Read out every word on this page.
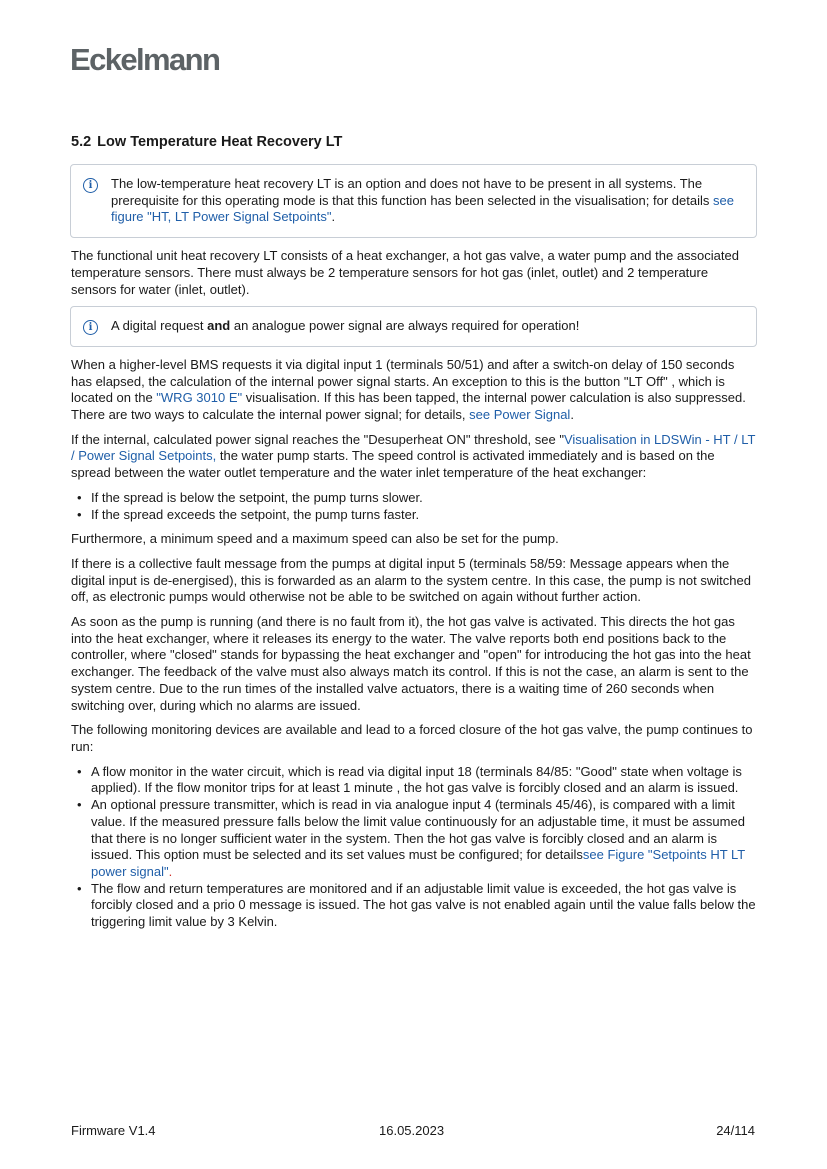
Eckelmann
5.2 Low Temperature Heat Recovery LT
i	The low-temperature heat recovery LT is an option and does not have to be present in all systems. The prerequisite for this operating mode is that this function has been selected in the visualisation; for details see figure "HT, LT Power Signal Setpoints".

The functional unit heat recovery LT consists of a heat exchanger, a hot gas valve, a water pump and the associated temperature sensors. There must always be 2 temperature sensors for hot gas (inlet, outlet) and 2 temperature sensors for water (inlet, outlet).

i	A digital request and an analogue power signal are always required for operation!

When a higher-level BMS requests it via digital input 1 (terminals 50/51) and after a switch-on delay of 150 seconds has elapsed, the calculation of the internal power signal starts. An exception to this is the button "LT Off" , which is located on the "WRG 3010 E" visualisation. If this has been tapped, the internal power calculation is also suppressed. There are two ways to calculate the internal power signal; for details, see Power Signal.

If the internal, calculated power signal reaches the "Desuperheat ON" threshold, see "Visualisation in LDSWin - HT / LT / Power Signal Setpoints, the water pump starts. The speed control is activated immediately and is based on the spread between the water outlet temperature and the water inlet temperature of the heat exchanger:

• If the spread is below the setpoint, the pump turns slower.
• If the spread exceeds the setpoint, the pump turns faster.

Furthermore, a minimum speed and a maximum speed can also be set for the pump.

If there is a collective fault message from the pumps at digital input 5 (terminals 58/59: Message appears when the digital input is de-energised), this is forwarded as an alarm to the system centre. In this case, the pump is not switched off, as electronic pumps would otherwise not be able to be switched on again without further action.

As soon as the pump is running (and there is no fault from it), the hot gas valve is activated. This directs the hot gas into the heat exchanger, where it releases its energy to the water. The valve reports both end positions back to the controller, where "closed" stands for bypassing the heat exchanger and "open" for introducing the hot gas into the heat exchanger. The feedback of the valve must also always match its control. If this is not the case, an alarm is sent to the system centre. Due to the run times of the installed valve actuators, there is a waiting time of 260 seconds when switching over, during which no alarms are issued.

The following monitoring devices are available and lead to a forced closure of the hot gas valve, the pump continues to run:

• A flow monitor in the water circuit, which is read via digital input 18 (terminals 84/85: "Good" state when voltage is applied). If the flow monitor trips for at least 1 minute , the hot gas valve is forcibly closed and an alarm is issued.
• An optional pressure transmitter, which is read in via analogue input 4 (terminals 45/46), is compared with a limit value. If the measured pressure falls below the limit value continuously for an adjustable time, it must be assumed that there is no longer sufficient water in the system. Then the hot gas valve is forcibly closed and an alarm is issued. This option must be selected and its set values must be configured; for detailssee Figure "Setpoints HT LT power signal".
• The flow and return temperatures are monitored and if an adjustable limit value is exceeded, the hot gas valve is forcibly closed and a prio 0 message is issued. The hot gas valve is not enabled again until the value falls below the triggering limit value by 3 Kelvin.
Firmware V1.4	16.05.2023	24/114
